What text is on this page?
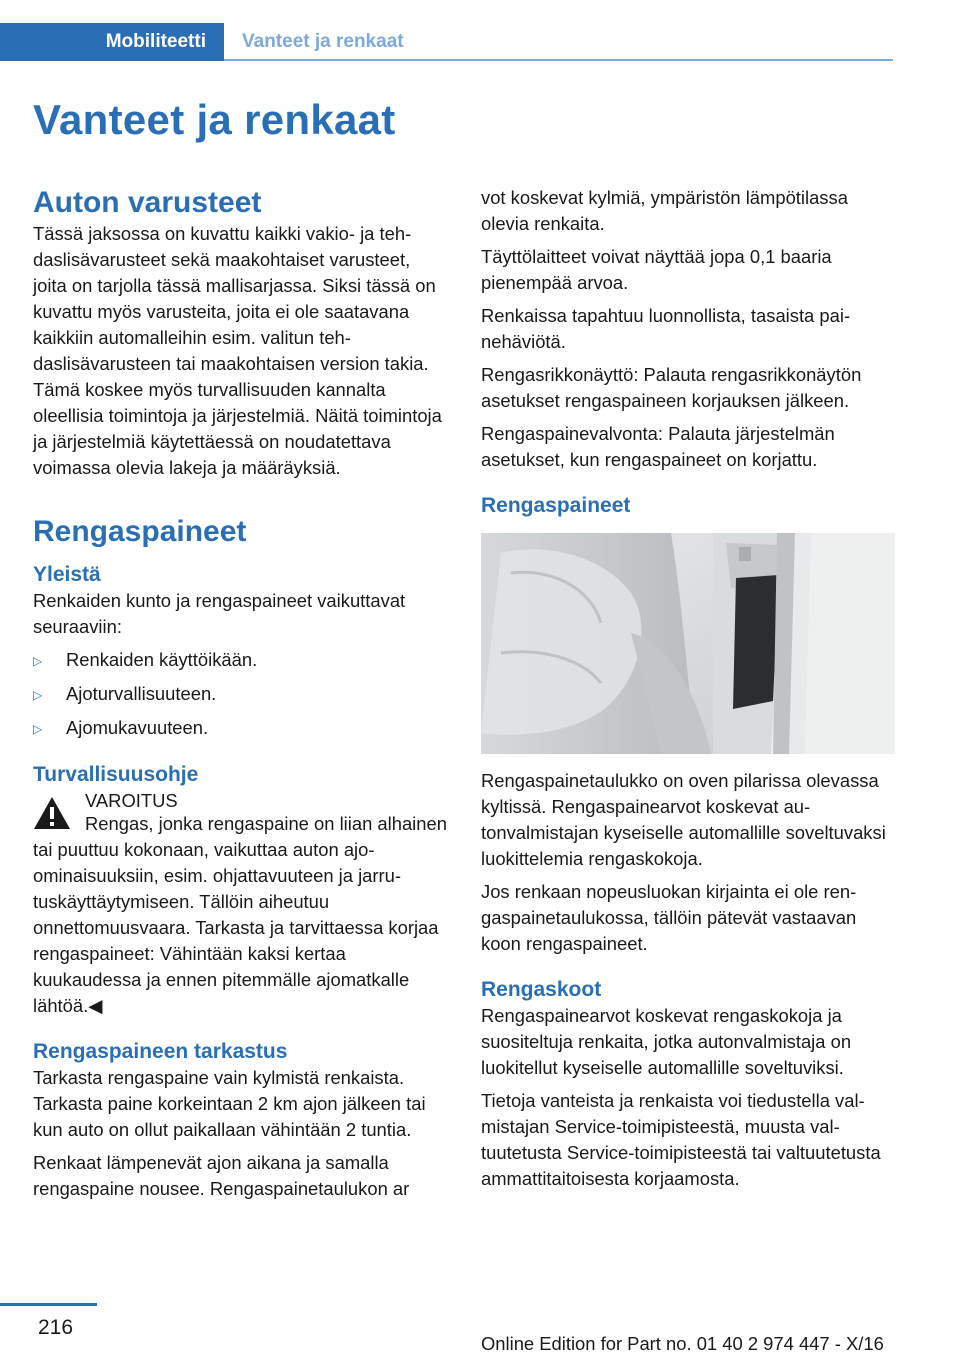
Mobiliteetti	Vanteet ja renkaat
Vanteet ja renkaat
Auton varusteet

Tässä jaksossa on kuvattu kaikki vakio- ja tehdaslisävarusteet sekä maakohtaiset varusteet, joita on tarjolla tässä mallisarjassa. Siksi tässä on kuvattu myös varusteita, joita ei ole saatavana kaikkiin automalleihin esim. valitun tehdaslisävarusteen tai maakohtaisen version takia. Tämä koskee myös turvallisuuden kannalta oleellisia toimintoja ja järjestelmiä. Näitä toimintoja ja järjestelmiä käytettäessä on noudatettava voimassa olevia lakeja ja määräyksiä.

Rengaspaineet
Yleistä

Renkaiden kunto ja rengaspaineet vaikuttavat seuraaviin:

▷	Renkaiden käyttöikään.
▷	Ajoturvallisuuteen.
▷	Ajomukavuuteen.
Turvallisuusohje
VAROITUS

Rengas, jonka rengaspaine on liian alhainen tai puuttuu kokonaan, vaikuttaa auton ajoominaisuuksiin, esim. ohjattavuuteen ja jarrutuskäyttäytymiseen. Tällöin aiheutuu onnettomuusvaara. Tarkasta ja tarvittaessa korjaa rengaspaineet: Vähintään kaksi kertaa kuukaudessa ja ennen pitemmälle ajomatkalle lähtöä.◀

Rengaspaineen tarkastus

Tarkasta rengaspaine vain kylmistä renkaista. Tarkasta paine korkeintaan 2 km ajon jälkeen tai kun auto on ollut paikallaan vähintään 2 tuntia.

Renkaat lämpenevät ajon aikana ja samalla rengaspaine nousee. Rengaspainetaulukon ar

vot koskevat kylmiä, ympäristön lämpötilassa olevia renkaita.

Täyttölaitteet voivat näyttää jopa 0,1 baaria pienempää arvoa.

Renkaissa tapahtuu luonnollista, tasaista painehäviötä.

Rengasrikkonäyttö: Palauta rengasrikkonäytön asetukset rengaspaineen korjauksen jälkeen.

Rengaspainevalvonta: Palauta järjestelmän asetukset, kun rengaspaineet on korjattu.

Rengaspaineet

Rengaspainetaulukko on oven pilarissa olevassa kyltissä. Rengaspainearvot koskevat autonvalmistajan kyseiselle automallille soveltuvaksi luokittelemia rengaskokoja.

Jos renkaan nopeusluokan kirjainta ei ole rengaspainetaulukossa, tällöin pätevät vastaavan koon rengaspaineet.

Rengaskoot

Rengaspainearvot koskevat rengaskokoja ja suositeltuja renkaita, jotka autonvalmistaja on luokitellut kyseiselle automallille soveltuviksi.

Tietoja vanteista ja renkaista voi tiedustella valmistajan Service-toimipisteestä, muusta valtuutetusta Service-toimipisteestä tai valtuutetusta ammattitaitoisesta korjaamosta.

216
Online Edition for Part no. 01 40 2 974 447 - X/16
